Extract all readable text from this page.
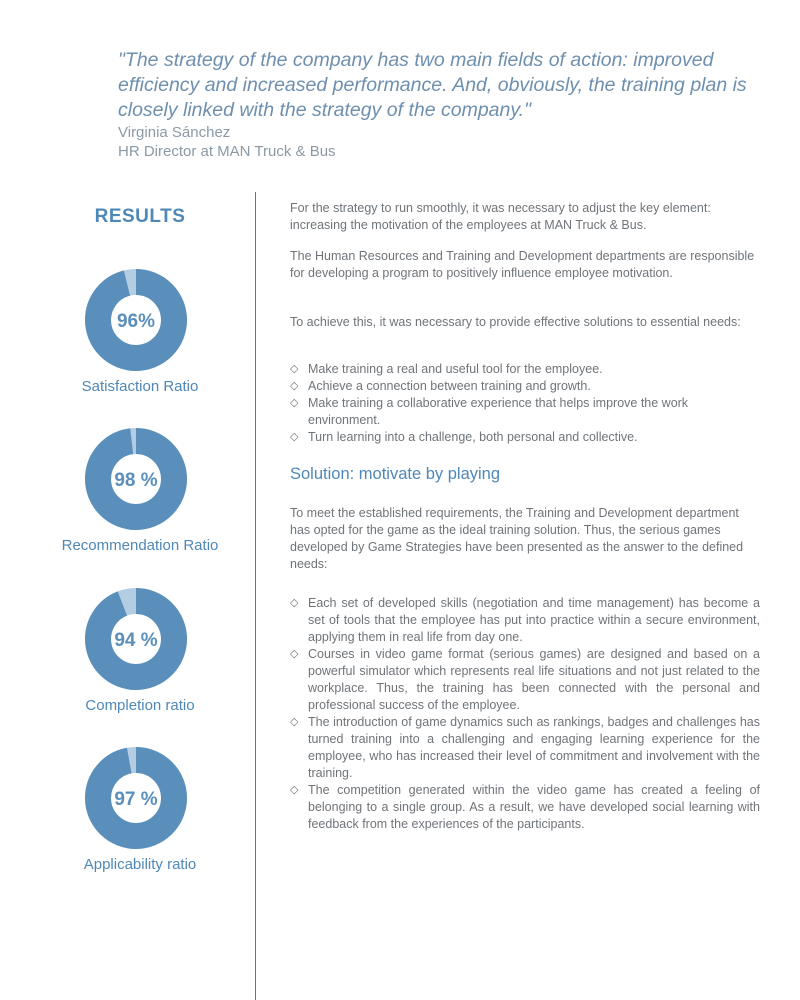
"The strategy of the company has two main fields of action: improved efficiency and increased performance. And, obviously, the training plan is closely linked with the strategy of the company."

Virginia Sánchez
HR Director at MAN Truck & Bus
RESULTS
96%
Satisfaction Ratio
98 %
Recommendation Ratio
94 %
Completion ratio
97 %
Applicability ratio

For the strategy to run smoothly, it was necessary to adjust the key element: increasing the motivation of the employees at MAN Truck & Bus.

The Human Resources and Training and Development departments are responsible for developing a program to positively influence employee motivation.

To achieve this, it was necessary to provide effective solutions to essential needs:

◇ Make training a real and useful tool for the employee.
◇ Achieve a connection between training and growth.
◇ Make training a collaborative experience that helps improve the work environment.
◇ Turn learning into a challenge, both personal and collective.
Solution: motivate by playing

To meet the established requirements, the Training and Development department has opted for the game as the ideal training solution. Thus, the serious games developed by Game Strategies have been presented as the answer to the defined needs:

◇ Each set of developed skills (negotiation and time management) has become a set of tools that the employee has put into practice within a secure environment, applying them in real life from day one.
◇ Courses in video game format (serious games) are designed and based on a powerful simulator which represents real life situations and not just related to the workplace. Thus, the training has been connected with the personal and professional success of the employee.
◇ The introduction of game dynamics such as rankings, badges and challenges has turned training into a challenging and engaging learning experience for the employee, who has increased their level of commitment and involvement with the training.
◇ The competition generated within the video game has created a feeling of belonging to a single group. As a result, we have developed social learning with feedback from the experiences of the participants.
